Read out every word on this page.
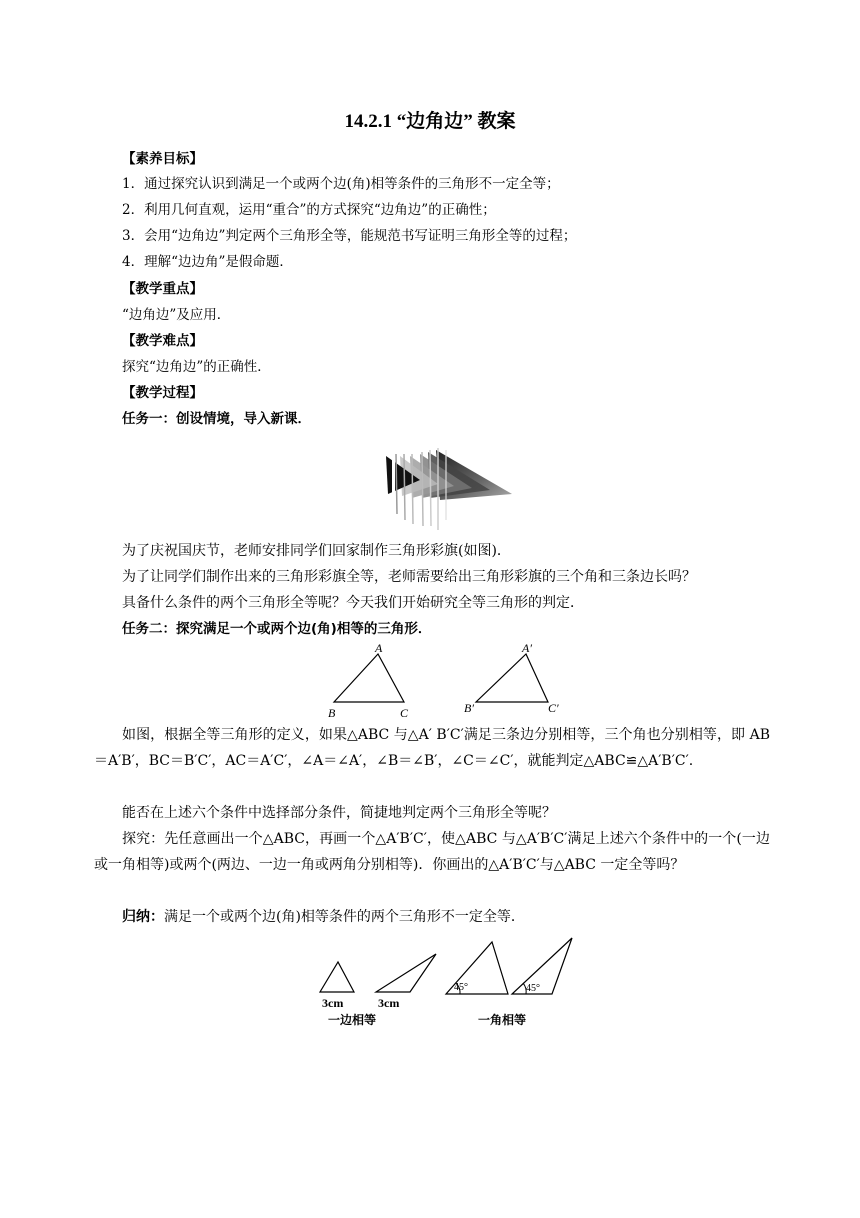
14.2.1 “边角边” 教案
【素养目标】
1．通过探究认识到满足一个或两个边(角)相等条件的三角形不一定全等；
2．利用几何直观，运用“重合”的方式探究“边角边”的正确性；
3．会用“边角边”判定两个三角形全等，能规范书写证明三角形全等的过程；
4．理解“边边角”是假命题．
【教学重点】
“边角边”及应用．
【教学难点】
探究“边角边”的正确性．
【教学过程】
任务一：创设情境，导入新课．
为了庆祝国庆节，老师安排同学们回家制作三角形彩旗(如图)．
为了让同学们制作出来的三角形彩旗全等，老师需要给出三角形彩旗的三个角和三条边长吗？
具备什么条件的两个三角形全等呢？今天我们开始研究全等三角形的判定．
任务二：探究满足一个或两个边(角)相等的三角形．
A
B	C
A′
B′	C′
如图，根据全等三角形的定义，如果△ABC 与△A′ B′C′满足三条边分别相等，三个角也分别相等，即 AB＝A′B′，BC＝B′C′，AC＝A′C′，∠A＝∠A′，∠B＝∠B′，∠C＝∠C′，就能判定△ABC≌△A′B′C′.
能否在上述六个条件中选择部分条件，简捷地判定两个三角形全等呢？
探究：先任意画出一个△ABC，再画一个△A′B′C′，使△ABC 与△A′B′C′满足上述六个条件中的一个(一边或一角相等)或两个(两边、一边一角或两角分别相等)．你画出的△A′B′C′与△ABC 一定全等吗？
归纳：满足一个或两个边(角)相等条件的两个三角形不一定全等．
3cm	3cm
45°	45°
一边相等	一角相等
